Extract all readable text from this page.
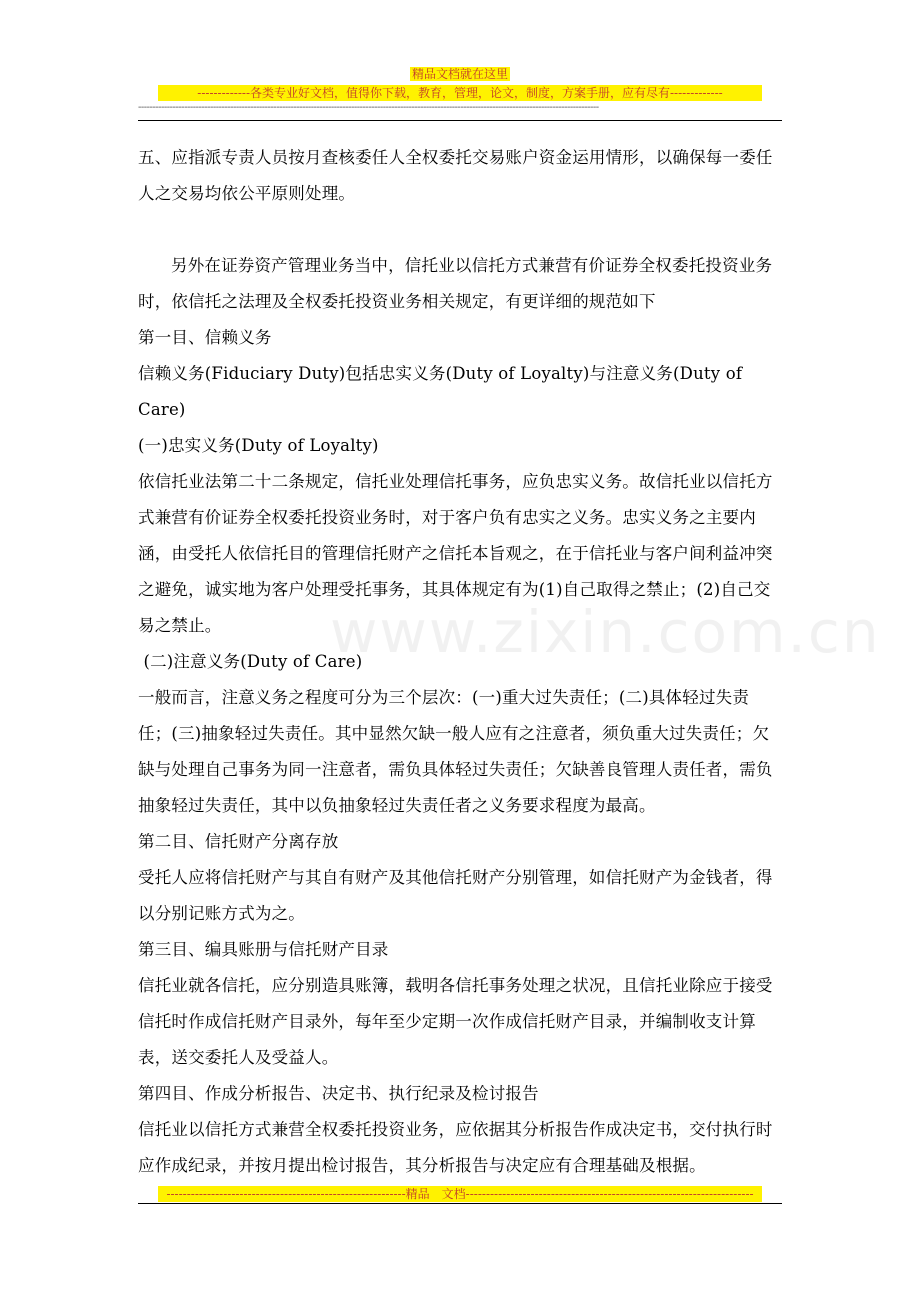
精品文档就在这里
-------------各类专业好文档，值得你下载，教育，管理，论文，制度，方案手册，应有尽有-------------
----------------------------------------------------------------------------------------------------------------------------------------------------------------
www.zixin.com.cn

五、应指派专责人员按月查核委任人全权委托交易账户资金运用情形，以确保每一委任人之交易均依公平原则处理。

另外在证券资产管理业务当中，信托业以信托方式兼营有价证券全权委托投资业务时，依信托之法理及全权委托投资业务相关规定，有更详细的规范如下

第一目、信赖义务

信赖义务(Fiduciary Duty)包括忠实义务(Duty of Loyalty)与注意义务(Duty of Care)

(一)忠实义务(Duty of Loyalty)

依信托业法第二十二条规定，信托业处理信托事务，应负忠实义务。故信托业以信托方式兼营有价证券全权委托投资业务时，对于客户负有忠实之义务。忠实义务之主要内涵，由受托人依信托目的管理信托财产之信托本旨观之，在于信托业与客户间利益冲突之避免，诚实地为客户处理受托事务，其具体规定有为(1)自己取得之禁止；(2)自己交易之禁止。

(二)注意义务(Duty of Care)

一般而言，注意义务之程度可分为三个层次：(一)重大过失责任；(二)具体轻过失责任；(三)抽象轻过失责任。其中显然欠缺一般人应有之注意者，须负重大过失责任；欠缺与处理自己事务为同一注意者，需负具体轻过失责任；欠缺善良管理人责任者，需负抽象轻过失责任，其中以负抽象轻过失责任者之义务要求程度为最高。

第二目、信托财产分离存放

受托人应将信托财产与其自有财产及其他信托财产分别管理，如信托财产为金钱者，得以分别记账方式为之。

第三目、编具账册与信托财产目录

信托业就各信托，应分别造具账簿，载明各信托事务处理之状况，且信托业除应于接受信托时作成信托财产目录外，每年至少定期一次作成信托财产目录，并编制收支计算表，送交委托人及受益人。

第四目、作成分析报告、决定书、执行纪录及检讨报告

信托业以信托方式兼营全权委托投资业务，应依据其分析报告作成决定书，交付执行时应作成纪录，并按月提出检讨报告，其分析报告与决定应有合理基础及根据。

-----------------------------------------------------------精品　文档-----------------------------------------------------------------------
